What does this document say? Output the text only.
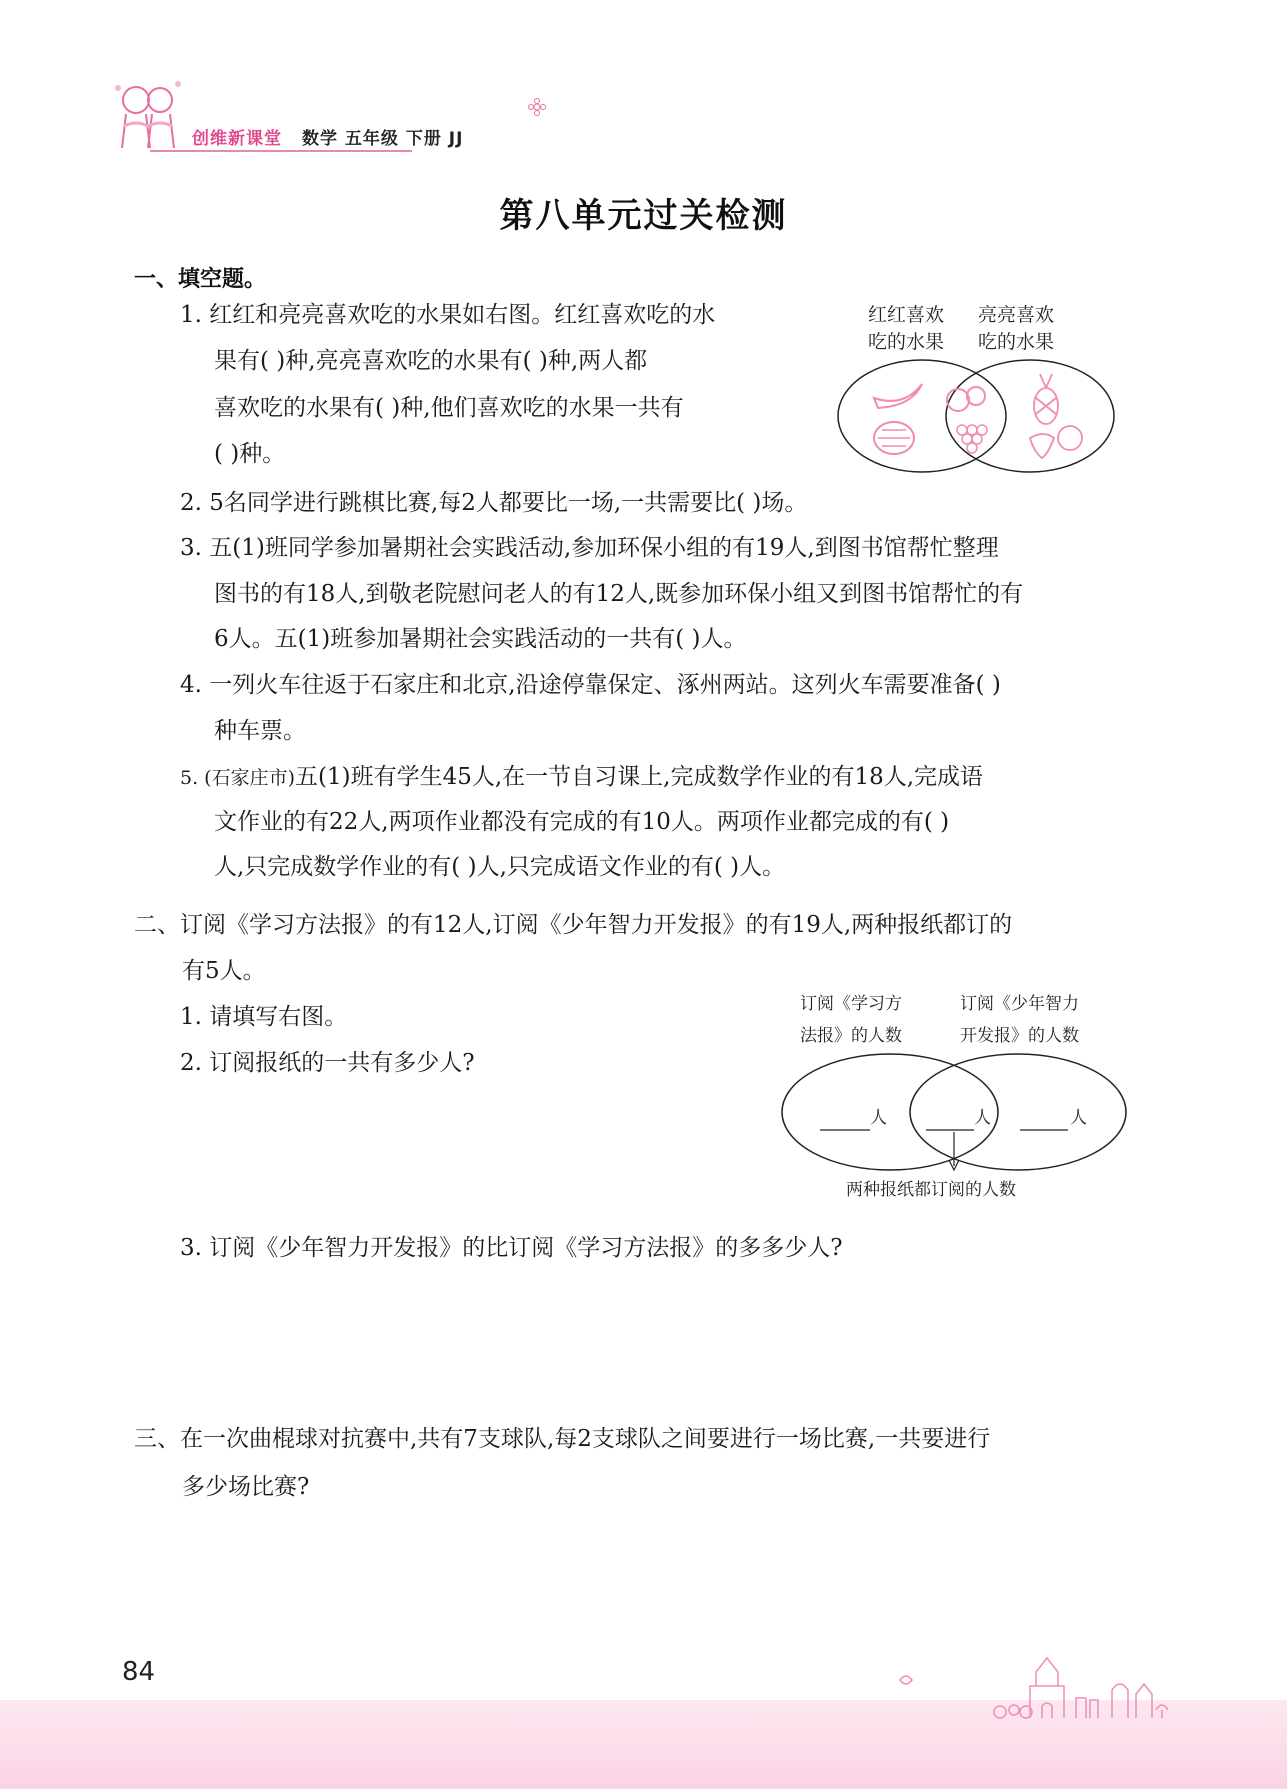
创维新课堂 数学 五年级 下册 JJ
第八单元过关检测
一、填空题。
1. 红红和亮亮喜欢吃的水果如右图。红红喜欢吃的水
果有( )种,亮亮喜欢吃的水果有( )种,两人都
喜欢吃的水果有( )种,他们喜欢吃的水果一共有
( )种。
红红喜欢
吃的水果
亮亮喜欢
吃的水果
2. 5名同学进行跳棋比赛,每2人都要比一场,一共需要比( )场。
3. 五(1)班同学参加暑期社会实践活动,参加环保小组的有19人,到图书馆帮忙整理
图书的有18人,到敬老院慰问老人的有12人,既参加环保小组又到图书馆帮忙的有
6人。五(1)班参加暑期社会实践活动的一共有( )人。
4. 一列火车往返于石家庄和北京,沿途停靠保定、涿州两站。这列火车需要准备( )
种车票。
5. (石家庄市)五(1)班有学生45人,在一节自习课上,完成数学作业的有18人,完成语
文作业的有22人,两项作业都没有完成的有10人。两项作业都完成的有( )
人,只完成数学作业的有( )人,只完成语文作业的有( )人。
二、订阅《学习方法报》的有12人,订阅《少年智力开发报》的有19人,两种报纸都订的
有5人。
1. 请填写右图。
2. 订阅报纸的一共有多少人?
订阅《学习方
法报》的人数
订阅《少年智力
开发报》的人数
人	人	人
两种报纸都订阅的人数
3. 订阅《少年智力开发报》的比订阅《学习方法报》的多多少人?
三、在一次曲棍球对抗赛中,共有7支球队,每2支球队之间要进行一场比赛,一共要进行
多少场比赛?
84
